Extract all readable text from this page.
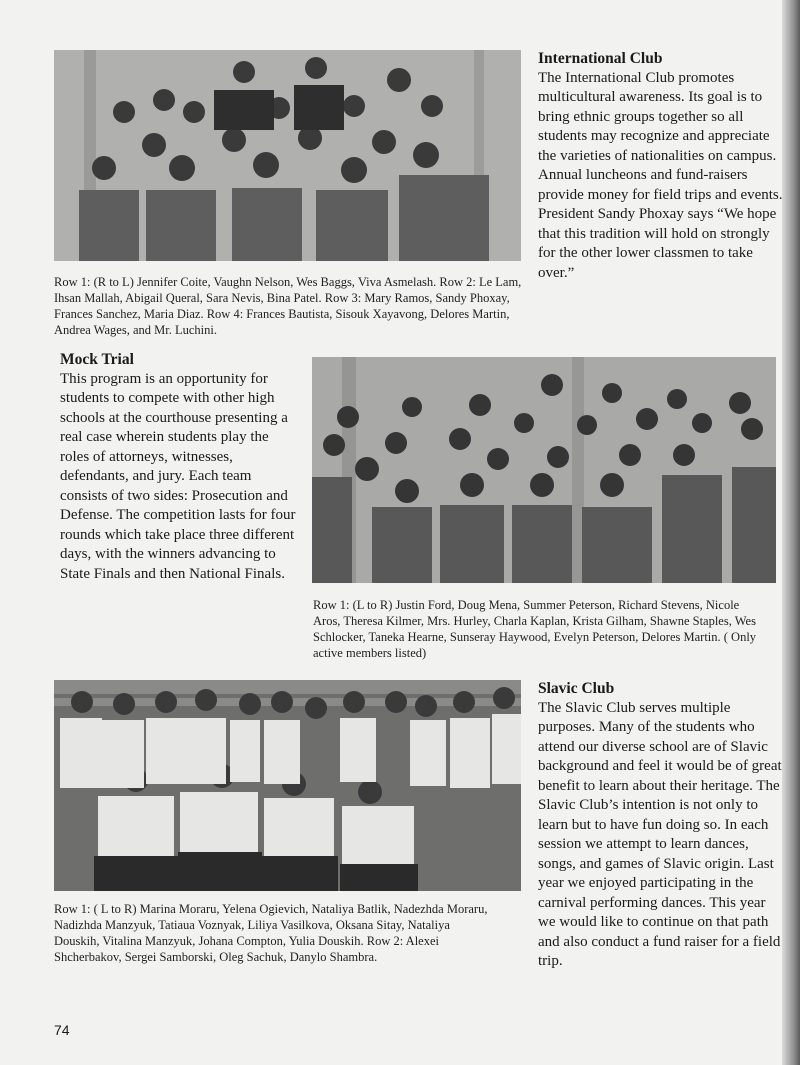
International Club
The International Club promotes multicultural awareness. Its goal is to bring ethnic groups together so all students may recognize and appreciate the varieties of nationalities on campus. Annual luncheons and fund-raisers provide money for field trips and events. President Sandy Phoxay says “We hope that this tradition will hold on strongly for the other lower classmen to take over.”
Row 1: (R to L) Jennifer Coite, Vaughn Nelson, Wes Baggs, Viva Asmelash. Row 2: Le Lam, Ihsan Mallah, Abigail Queral, Sara Nevis, Bina Patel. Row 3: Mary Ramos, Sandy Phoxay, Frances Sanchez, Maria Diaz. Row 4: Frances Bautista, Sisouk Xayavong, Delores Martin, Andrea Wages, and Mr. Luchini.
Mock Trial
This program is an opportunity for students to compete with other high schools at the courthouse presenting a real case wherein students play the roles of attorneys, witnesses, defendants, and jury. Each team consists of two sides: Prosecution and Defense. The competition lasts for four rounds which take place three different days, with the winners advancing to State Finals and then National Finals.
Row 1: (L to R) Justin Ford, Doug Mena, Summer Peterson, Richard Stevens, Nicole Aros, Theresa Kilmer, Mrs. Hurley, Charla Kaplan, Krista Gilham, Shawne Staples, Wes Schlocker, Taneka Hearne, Sunseray Haywood, Evelyn Peterson, Delores Martin. ( Only active members listed)
Row 1: ( L to R) Marina Moraru, Yelena Ogievich, Nataliya Batlik, Nadezhda Moraru, Nadizhda Manzyuk, Tatiaua Voznyak, Liliya Vasilkova, Oksana Sitay, Nataliya Douskih, Vitalina Manzyuk, Johana Compton, Yulia Douskih. Row 2: Alexei Shcherbakov, Sergei Samborski, Oleg Sachuk, Danylo Shambra.
Slavic Club
The Slavic Club serves multiple purposes. Many of the students who attend our diverse school are of Slavic background and feel it would be of great benefit to learn about their heritage. The Slavic Club’s intention is not only to learn but to have fun doing so. In each session we attempt to learn dances, songs, and games of Slavic origin. Last year we enjoyed participating in the carnival performing dances. This year we would like to continue on that path and also conduct a fund raiser for a field trip.
74
